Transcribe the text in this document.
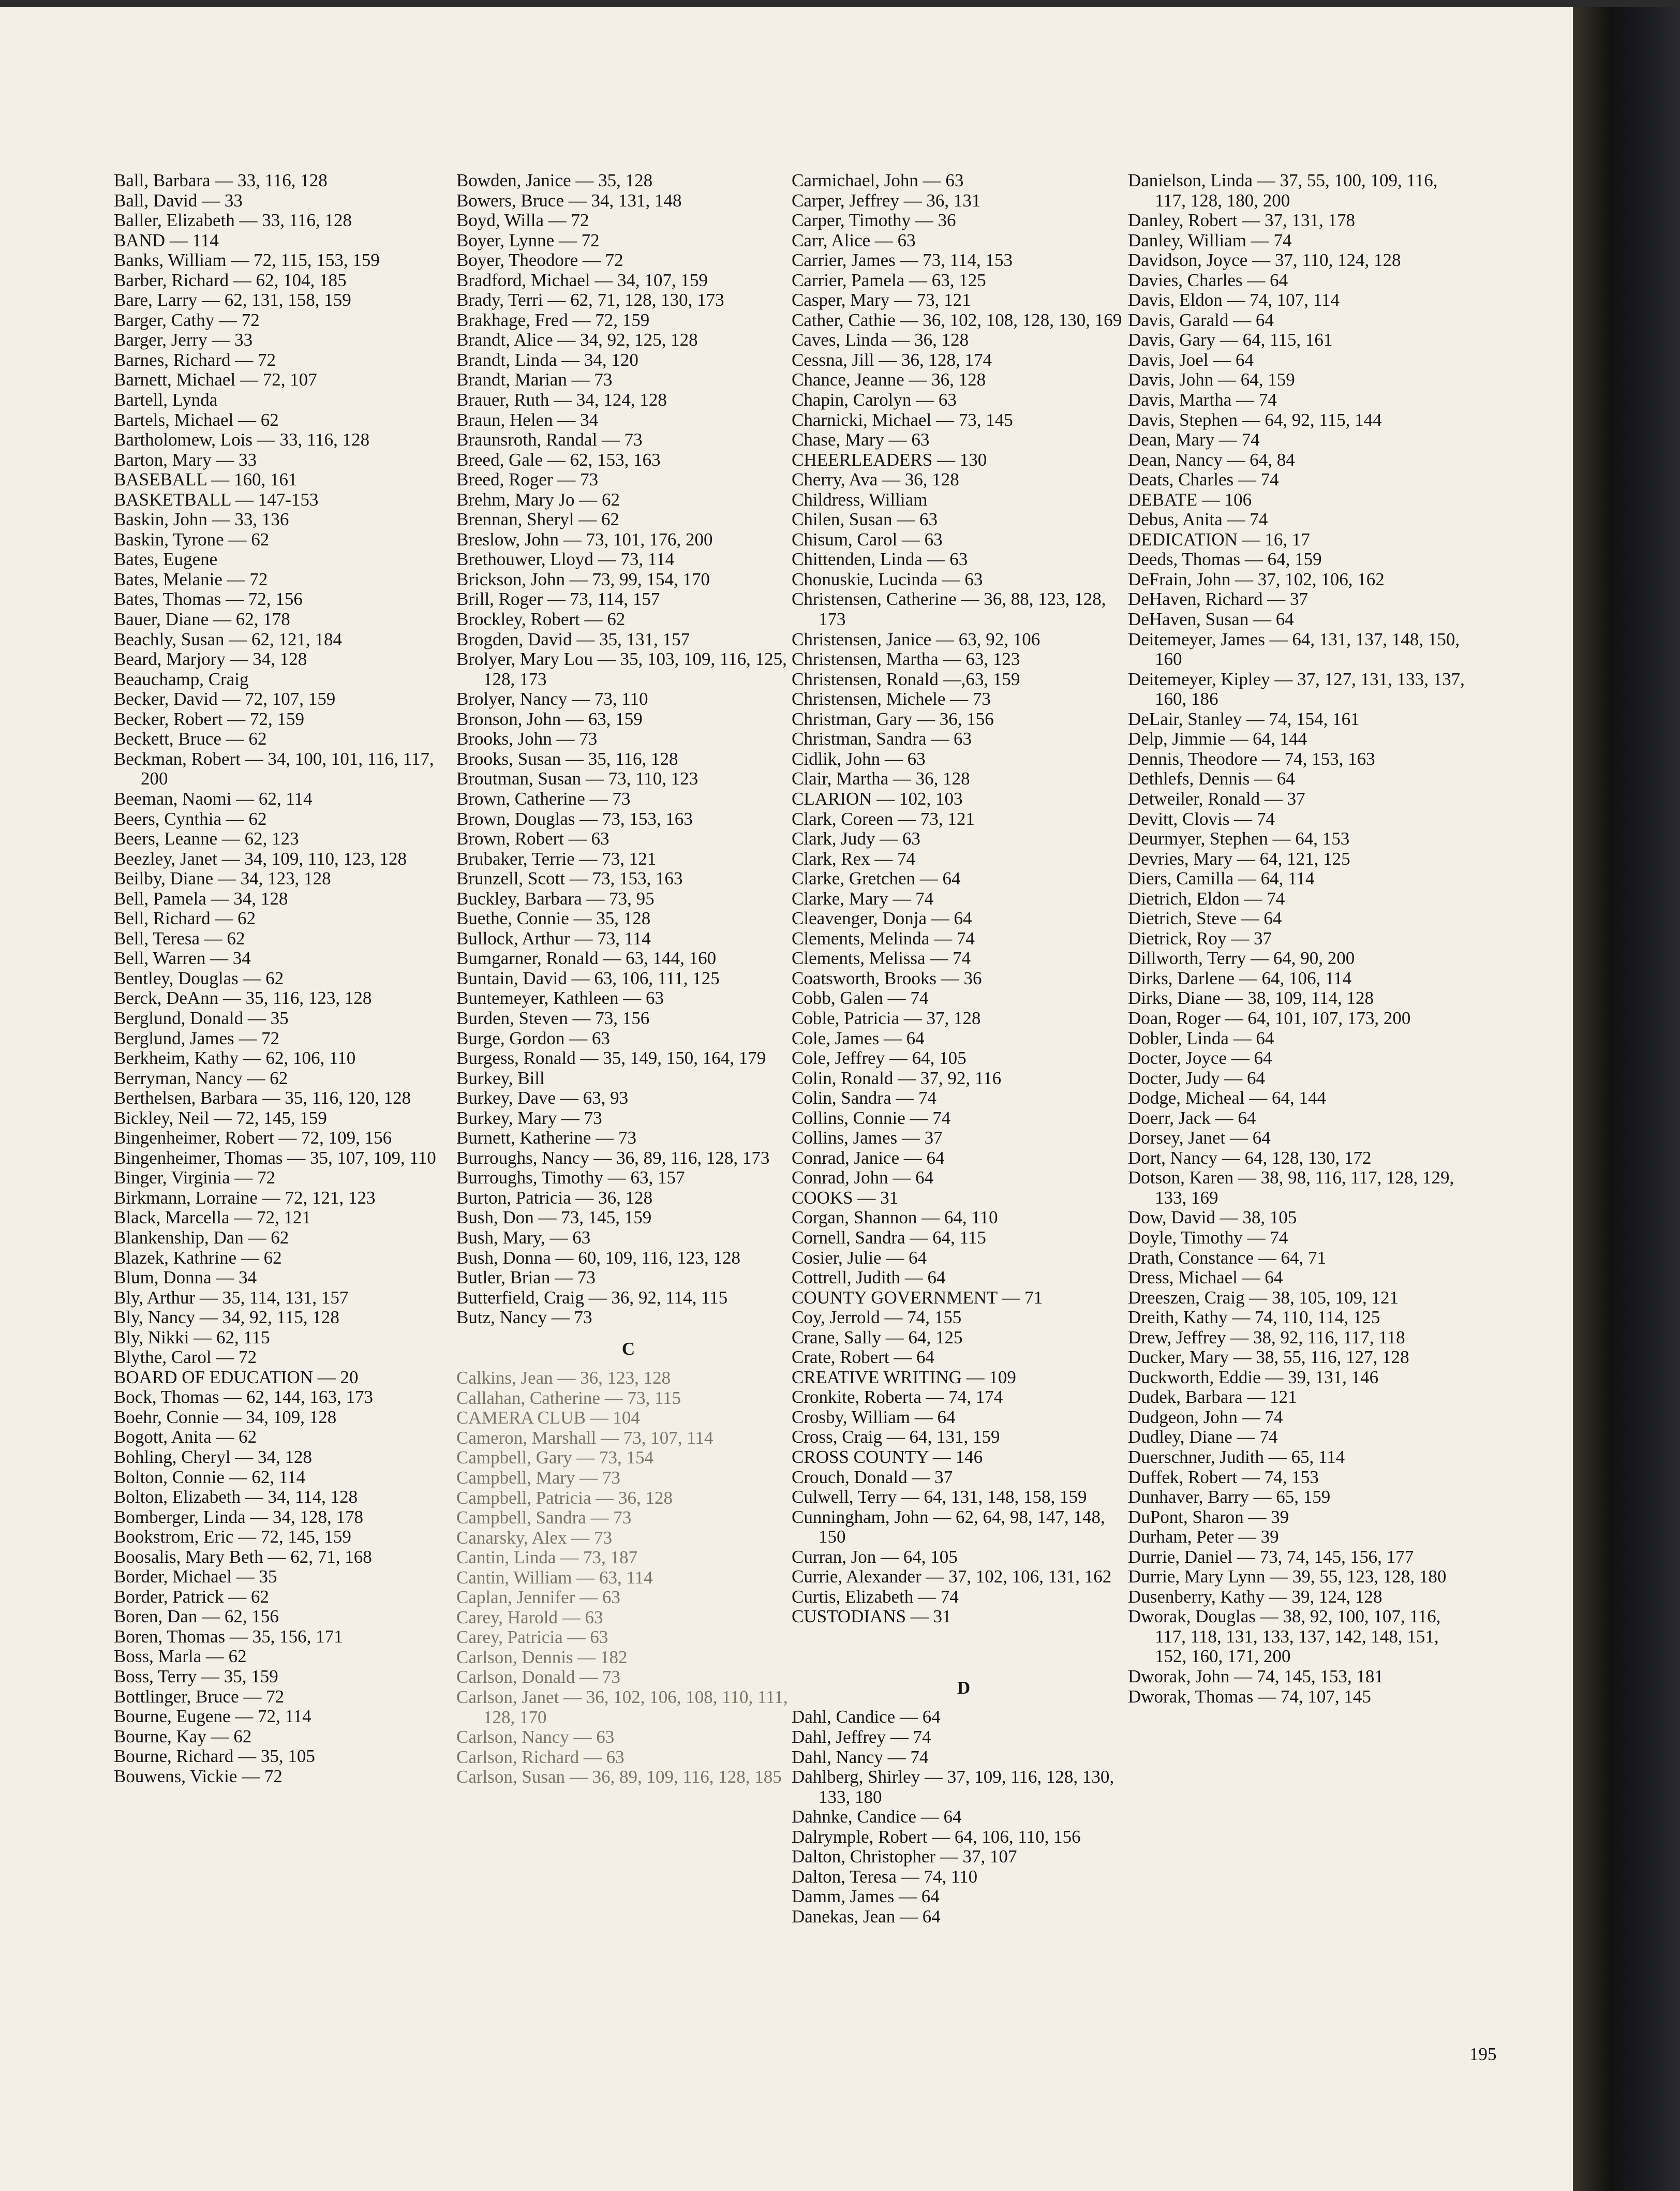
Ball, Barbara — 33, 116, 128
Ball, David — 33
Baller, Elizabeth — 33, 116, 128
BAND — 114
Banks, William — 72, 115, 153, 159
Barber, Richard — 62, 104, 185
Bare, Larry — 62, 131, 158, 159
Barger, Cathy — 72
Barger, Jerry — 33
Barnes, Richard — 72
Barnett, Michael — 72, 107
Bartell, Lynda
Bartels, Michael — 62
Bartholomew, Lois — 33, 116, 128
Barton, Mary — 33
BASEBALL — 160, 161
BASKETBALL — 147-153
Baskin, John — 33, 136
Baskin, Tyrone — 62
Bates, Eugene
Bates, Melanie — 72
Bates, Thomas — 72, 156
Bauer, Diane — 62, 178
Beachly, Susan — 62, 121, 184
Beard, Marjory — 34, 128
Beauchamp, Craig
Becker, David — 72, 107, 159
Becker, Robert — 72, 159
Beckett, Bruce — 62
Beckman, Robert — 34, 100, 101, 116, 117, 200
Beeman, Naomi — 62, 114
Beers, Cynthia — 62
Beers, Leanne — 62, 123
Beezley, Janet — 34, 109, 110, 123, 128
Beilby, Diane — 34, 123, 128
Bell, Pamela — 34, 128
Bell, Richard — 62
Bell, Teresa — 62
Bell, Warren — 34
Bentley, Douglas — 62
Berck, DeAnn — 35, 116, 123, 128
Berglund, Donald — 35
Berglund, James — 72
Berkheim, Kathy — 62, 106, 110
Berryman, Nancy — 62
Berthelsen, Barbara — 35, 116, 120, 128
Bickley, Neil — 72, 145, 159
Bingenheimer, Robert — 72, 109, 156
Bingenheimer, Thomas — 35, 107, 109, 110
Binger, Virginia — 72
Birkmann, Lorraine — 72, 121, 123
Black, Marcella — 72, 121
Blankenship, Dan — 62
Blazek, Kathrine — 62
Blum, Donna — 34
Bly, Arthur — 35, 114, 131, 157
Bly, Nancy — 34, 92, 115, 128
Bly, Nikki — 62, 115
Blythe, Carol — 72
BOARD OF EDUCATION — 20
Bock, Thomas — 62, 144, 163, 173
Boehr, Connie — 34, 109, 128
Bogott, Anita — 62
Bohling, Cheryl — 34, 128
Bolton, Connie — 62, 114
Bolton, Elizabeth — 34, 114, 128
Bomberger, Linda — 34, 128, 178
Bookstrom, Eric — 72, 145, 159
Boosalis, Mary Beth — 62, 71, 168
Border, Michael — 35
Border, Patrick — 62
Boren, Dan — 62, 156
Boren, Thomas — 35, 156, 171
Boss, Marla — 62
Boss, Terry — 35, 159
Bottlinger, Bruce — 72
Bourne, Eugene — 72, 114
Bourne, Kay — 62
Bourne, Richard — 35, 105
Bouwens, Vickie — 72
Bowden, Janice — 35, 128
Bowers, Bruce — 34, 131, 148
Boyd, Willa — 72
Boyer, Lynne — 72
Boyer, Theodore — 72
Bradford, Michael — 34, 107, 159
Brady, Terri — 62, 71, 128, 130, 173
Brakhage, Fred — 72, 159
Brandt, Alice — 34, 92, 125, 128
Brandt, Linda — 34, 120
Brandt, Marian — 73
Brauer, Ruth — 34, 124, 128
Braun, Helen — 34
Braunsroth, Randal — 73
Breed, Gale — 62, 153, 163
Breed, Roger — 73
Brehm, Mary Jo — 62
Brennan, Sheryl — 62
Breslow, John — 73, 101, 176, 200
Brethouwer, Lloyd — 73, 114
Brickson, John — 73, 99, 154, 170
Brill, Roger — 73, 114, 157
Brockley, Robert — 62
Brogden, David — 35, 131, 157
Brolyer, Mary Lou — 35, 103, 109, 116, 125, 128, 173
Brolyer, Nancy — 73, 110
Bronson, John — 63, 159
Brooks, John — 73
Brooks, Susan — 35, 116, 128
Broutman, Susan — 73, 110, 123
Brown, Catherine — 73
Brown, Douglas — 73, 153, 163
Brown, Robert — 63
Brubaker, Terrie — 73, 121
Brunzell, Scott — 73, 153, 163
Buckley, Barbara — 73, 95
Buethe, Connie — 35, 128
Bullock, Arthur — 73, 114
Bumgarner, Ronald — 63, 144, 160
Buntain, David — 63, 106, 111, 125
Buntemeyer, Kathleen — 63
Burden, Steven — 73, 156
Burge, Gordon — 63
Burgess, Ronald — 35, 149, 150, 164, 179
Burkey, Bill
Burkey, Dave — 63, 93
Burkey, Mary — 73
Burnett, Katherine — 73
Burroughs, Nancy — 36, 89, 116, 128, 173
Burroughs, Timothy — 63, 157
Burton, Patricia — 36, 128
Bush, Don — 73, 145, 159
Bush, Mary, — 63
Bush, Donna — 60, 109, 116, 123, 128
Butler, Brian — 73
Butterfield, Craig — 36, 92, 114, 115
Butz, Nancy — 73
C
Calkins, Jean — 36, 123, 128
Callahan, Catherine — 73, 115
CAMERA CLUB — 104
Cameron, Marshall — 73, 107, 114
Campbell, Gary — 73, 154
Campbell, Mary — 73
Campbell, Patricia — 36, 128
Campbell, Sandra — 73
Canarsky, Alex — 73
Cantin, Linda — 73, 187
Cantin, William — 63, 114
Caplan, Jennifer — 63
Carey, Harold — 63
Carey, Patricia — 63
Carlson, Dennis — 182
Carlson, Donald — 73
Carlson, Janet — 36, 102, 106, 108, 110, 111, 128, 170
Carlson, Nancy — 63
Carlson, Richard — 63
Carlson, Susan — 36, 89, 109, 116, 128, 185
Carmichael, John — 63
Carper, Jeffrey — 36, 131
Carper, Timothy — 36
Carr, Alice — 63
Carrier, James — 73, 114, 153
Carrier, Pamela — 63, 125
Casper, Mary — 73, 121
Cather, Cathie — 36, 102, 108, 128, 130, 169
Caves, Linda — 36, 128
Cessna, Jill — 36, 128, 174
Chance, Jeanne — 36, 128
Chapin, Carolyn — 63
Charnicki, Michael — 73, 145
Chase, Mary — 63
CHEERLEADERS — 130
Cherry, Ava — 36, 128
Childress, William
Chilen, Susan — 63
Chisum, Carol — 63
Chittenden, Linda — 63
Chonuskie, Lucinda — 63
Christensen, Catherine — 36, 88, 123, 128, 173
Christensen, Janice — 63, 92, 106
Christensen, Martha — 63, 123
Christensen, Ronald —,63, 159
Christensen, Michele — 73
Christman, Gary — 36, 156
Christman, Sandra — 63
Cidlik, John — 63
Clair, Martha — 36, 128
CLARION — 102, 103
Clark, Coreen — 73, 121
Clark, Judy — 63
Clark, Rex — 74
Clarke, Gretchen — 64
Clarke, Mary — 74
Cleavenger, Donja — 64
Clements, Melinda — 74
Clements, Melissa — 74
Coatsworth, Brooks — 36
Cobb, Galen — 74
Coble, Patricia — 37, 128
Cole, James — 64
Cole, Jeffrey — 64, 105
Colin, Ronald — 37, 92, 116
Colin, Sandra — 74
Collins, Connie — 74
Collins, James — 37
Conrad, Janice — 64
Conrad, John — 64
COOKS — 31
Corgan, Shannon — 64, 110
Cornell, Sandra — 64, 115
Cosier, Julie — 64
Cottrell, Judith — 64
COUNTY GOVERNMENT — 71
Coy, Jerrold — 74, 155
Crane, Sally — 64, 125
Crate, Robert — 64
CREATIVE WRITING — 109
Cronkite, Roberta — 74, 174
Crosby, William — 64
Cross, Craig — 64, 131, 159
CROSS COUNTY — 146
Crouch, Donald — 37
Culwell, Terry — 64, 131, 148, 158, 159
Cunningham, John — 62, 64, 98, 147, 148, 150
Curran, Jon — 64, 105
Currie, Alexander — 37, 102, 106, 131, 162
Curtis, Elizabeth — 74
CUSTODIANS — 31
D
Dahl, Candice — 64
Dahl, Jeffrey — 74
Dahl, Nancy — 74
Dahlberg, Shirley — 37, 109, 116, 128, 130, 133, 180
Dahnke, Candice — 64
Dalrymple, Robert — 64, 106, 110, 156
Dalton, Christopher — 37, 107
Dalton, Teresa — 74, 110
Damm, James — 64
Danekas, Jean — 64
Danielson, Linda — 37, 55, 100, 109, 116, 117, 128, 180, 200
Danley, Robert — 37, 131, 178
Danley, William — 74
Davidson, Joyce — 37, 110, 124, 128
Davies, Charles — 64
Davis, Eldon — 74, 107, 114
Davis, Garald — 64
Davis, Gary — 64, 115, 161
Davis, Joel — 64
Davis, John — 64, 159
Davis, Martha — 74
Davis, Stephen — 64, 92, 115, 144
Dean, Mary — 74
Dean, Nancy — 64, 84
Deats, Charles — 74
DEBATE — 106
Debus, Anita — 74
DEDICATION — 16, 17
Deeds, Thomas — 64, 159
DeFrain, John — 37, 102, 106, 162
DeHaven, Richard — 37
DeHaven, Susan — 64
Deitemeyer, James — 64, 131, 137, 148, 150, 160
Deitemeyer, Kipley — 37, 127, 131, 133, 137, 160, 186
DeLair, Stanley — 74, 154, 161
Delp, Jimmie — 64, 144
Dennis, Theodore — 74, 153, 163
Dethlefs, Dennis — 64
Detweiler, Ronald — 37
Devitt, Clovis — 74
Deurmyer, Stephen — 64, 153
Devries, Mary — 64, 121, 125
Diers, Camilla — 64, 114
Dietrich, Eldon — 74
Dietrich, Steve — 64
Dietrick, Roy — 37
Dillworth, Terry — 64, 90, 200
Dirks, Darlene — 64, 106, 114
Dirks, Diane — 38, 109, 114, 128
Doan, Roger — 64, 101, 107, 173, 200
Dobler, Linda — 64
Docter, Joyce — 64
Docter, Judy — 64
Dodge, Micheal — 64, 144
Doerr, Jack — 64
Dorsey, Janet — 64
Dort, Nancy — 64, 128, 130, 172
Dotson, Karen — 38, 98, 116, 117, 128, 129, 133, 169
Dow, David — 38, 105
Doyle, Timothy — 74
Drath, Constance — 64, 71
Dress, Michael — 64
Dreeszen, Craig — 38, 105, 109, 121
Dreith, Kathy — 74, 110, 114, 125
Drew, Jeffrey — 38, 92, 116, 117, 118
Ducker, Mary — 38, 55, 116, 127, 128
Duckworth, Eddie — 39, 131, 146
Dudek, Barbara — 121
Dudgeon, John — 74
Dudley, Diane — 74
Duerschner, Judith — 65, 114
Duffek, Robert — 74, 153
Dunhaver, Barry — 65, 159
DuPont, Sharon — 39
Durham, Peter — 39
Durrie, Daniel — 73, 74, 145, 156, 177
Durrie, Mary Lynn — 39, 55, 123, 128, 180
Dusenberry, Kathy — 39, 124, 128
Dworak, Douglas — 38, 92, 100, 107, 116, 117, 118, 131, 133, 137, 142, 148, 151, 152, 160, 171, 200
Dworak, John — 74, 145, 153, 181
Dworak, Thomas — 74, 107, 145
195
